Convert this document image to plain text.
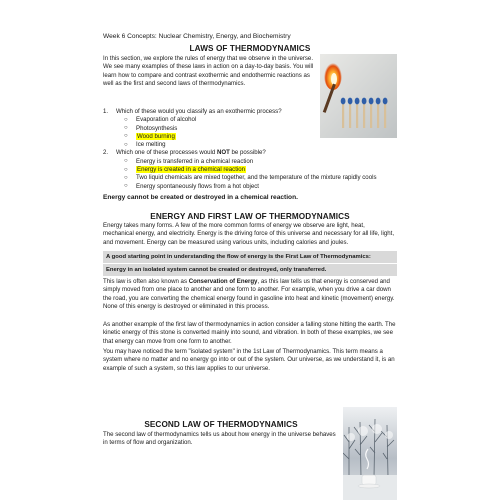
Week 6 Concepts: Nuclear Chemistry, Energy, and Biochemistry
LAWS OF THERMODYNAMICS
In this section, we explore the rules of energy that we observe in the universe. We see many examples of these laws in action on a day-to-day basis. You will learn how to compare and contrast exothermic and endothermic reactions as well as the first and second laws of thermodynamics.
1. Which of these would you classify as an exothermic process?
○ Evaporation of alcohol
○ Photosynthesis
○ Wood burning
○ Ice melting
2. Which one of these processes would NOT be possible?
○ Energy is transferred in a chemical reaction
○ Energy is created in a chemical reaction
○ Two liquid chemicals are mixed together, and the temperature of the mixture rapidly cools
○ Energy spontaneously flows from a hot object
Energy cannot be created or destroyed in a chemical reaction.
ENERGY AND FIRST LAW OF THERMODYNAMICS
Energy takes many forms. A few of the more common forms of energy we observe are light, heat, mechanical energy, and electricity. Energy is the driving force of this universe and necessary for all life, light, and movement. Energy can be measured using various units, including calories and joules.
A good starting point in understanding the flow of energy is the First Law of Thermodynamics:
Energy in an isolated system cannot be created or destroyed, only transferred.
This law is often also known as Conservation of Energy, as this law tells us that energy is conserved and simply moved from one place to another and one form to another. For example, when you drive a car down the road, you are converting the chemical energy found in gasoline into heat and kinetic (movement) energy. None of this energy is destroyed or eliminated in this process.
As another example of the first law of thermodynamics in action consider a falling stone hitting the earth. The kinetic energy of this stone is converted mainly into sound, and vibration. In both of these examples, we see that energy can move from one form to another.
You may have noticed the term "isolated system" in the 1st Law of Thermodynamics. This term means a system where no matter and no energy go into or out of the system. Our universe, as we understand it, is an example of such a system, so this law applies to our universe.
SECOND LAW OF THERMODYNAMICS
The second law of thermodynamics tells us about how energy in the universe behaves in terms of flow and organization.
